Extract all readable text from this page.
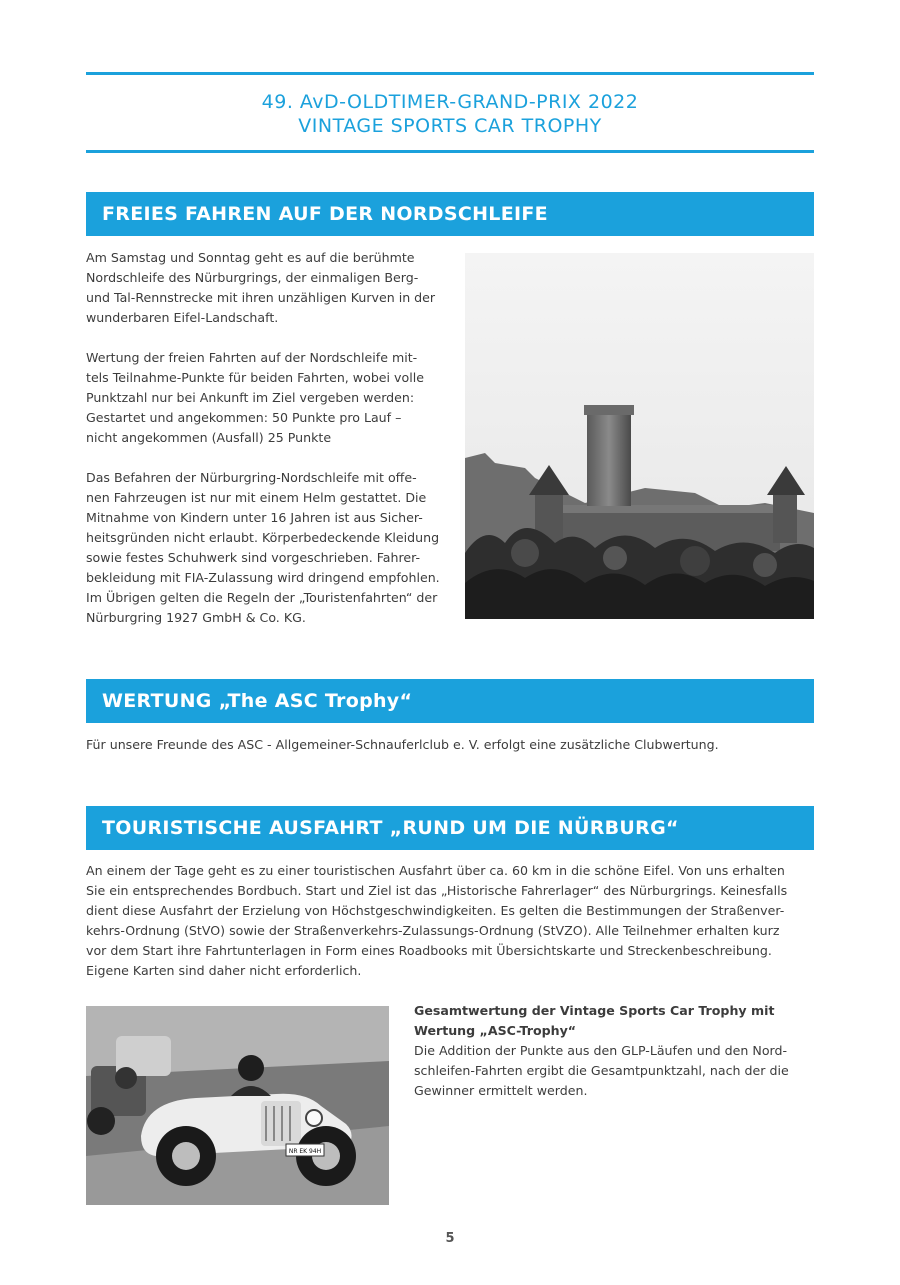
49. AvD-OLDTIMER-GRAND-PRIX 2022
VINTAGE SPORTS CAR TROPHY
FREIES FAHREN AUF DER NORDSCHLEIFE

Am Samstag und Sonntag geht es auf die berühmte
Nordschleife des Nürburgrings, der einmaligen Berg-
und Tal-Rennstrecke mit ihren unzähligen Kurven in der
wunderbaren Eifel-Landschaft.

Wertung der freien Fahrten auf der Nordschleife mit-
tels Teilnahme-Punkte für beiden Fahrten, wobei volle
Punktzahl nur bei Ankunft im Ziel vergeben werden:
Gestartet und angekommen: 50 Punkte pro Lauf –
nicht angekommen (Ausfall) 25 Punkte

Das Befahren der Nürburgring-Nordschleife mit offe-
nen Fahrzeugen ist nur mit einem Helm gestattet. Die
Mitnahme von Kindern unter 16 Jahren ist aus Sicher-
heitsgründen nicht erlaubt. Körperbedeckende Kleidung
sowie festes Schuhwerk sind vorgeschrieben. Fahrer-
bekleidung mit FIA-Zulassung wird dringend empfohlen.
Im Übrigen gelten die Regeln der „Touristenfahrten“ der
Nürburgring 1927 GmbH & Co. KG.

WERTUNG „The ASC Trophy“
Für unsere Freunde des ASC - Allgemeiner-Schnauferlclub e. V. erfolgt eine zusätzliche Clubwertung.
TOURISTISCHE AUSFAHRT „RUND UM DIE NÜRBURG“
An einem der Tage geht es zu einer touristischen Ausfahrt über ca. 60 km in die schöne Eifel. Von uns erhalten
Sie ein entsprechendes Bordbuch. Start und Ziel ist das „Historische Fahrerlager“ des Nürburgrings. Keinesfalls
dient diese Ausfahrt der Erzielung von Höchstgeschwindigkeiten. Es gelten die Bestimmungen der Straßenver-
kehrs-Ordnung (StVO) sowie der Straßenverkehrs-Zulassungs-Ordnung (StVZO). Alle Teilnehmer erhalten kurz
vor dem Start ihre Fahrtunterlagen in Form eines Roadbooks mit Übersichtskarte und Streckenbeschreibung.
Eigene Karten sind daher nicht erforderlich.
NR EK 94H
Gesamtwertung der Vintage Sports Car Trophy mit
Wertung „ASC-Trophy“
Die Addition der Punkte aus den GLP-Läufen und den Nord-
schleifen-Fahrten ergibt die Gesamtpunktzahl, nach der die
Gewinner ermittelt werden.
5
